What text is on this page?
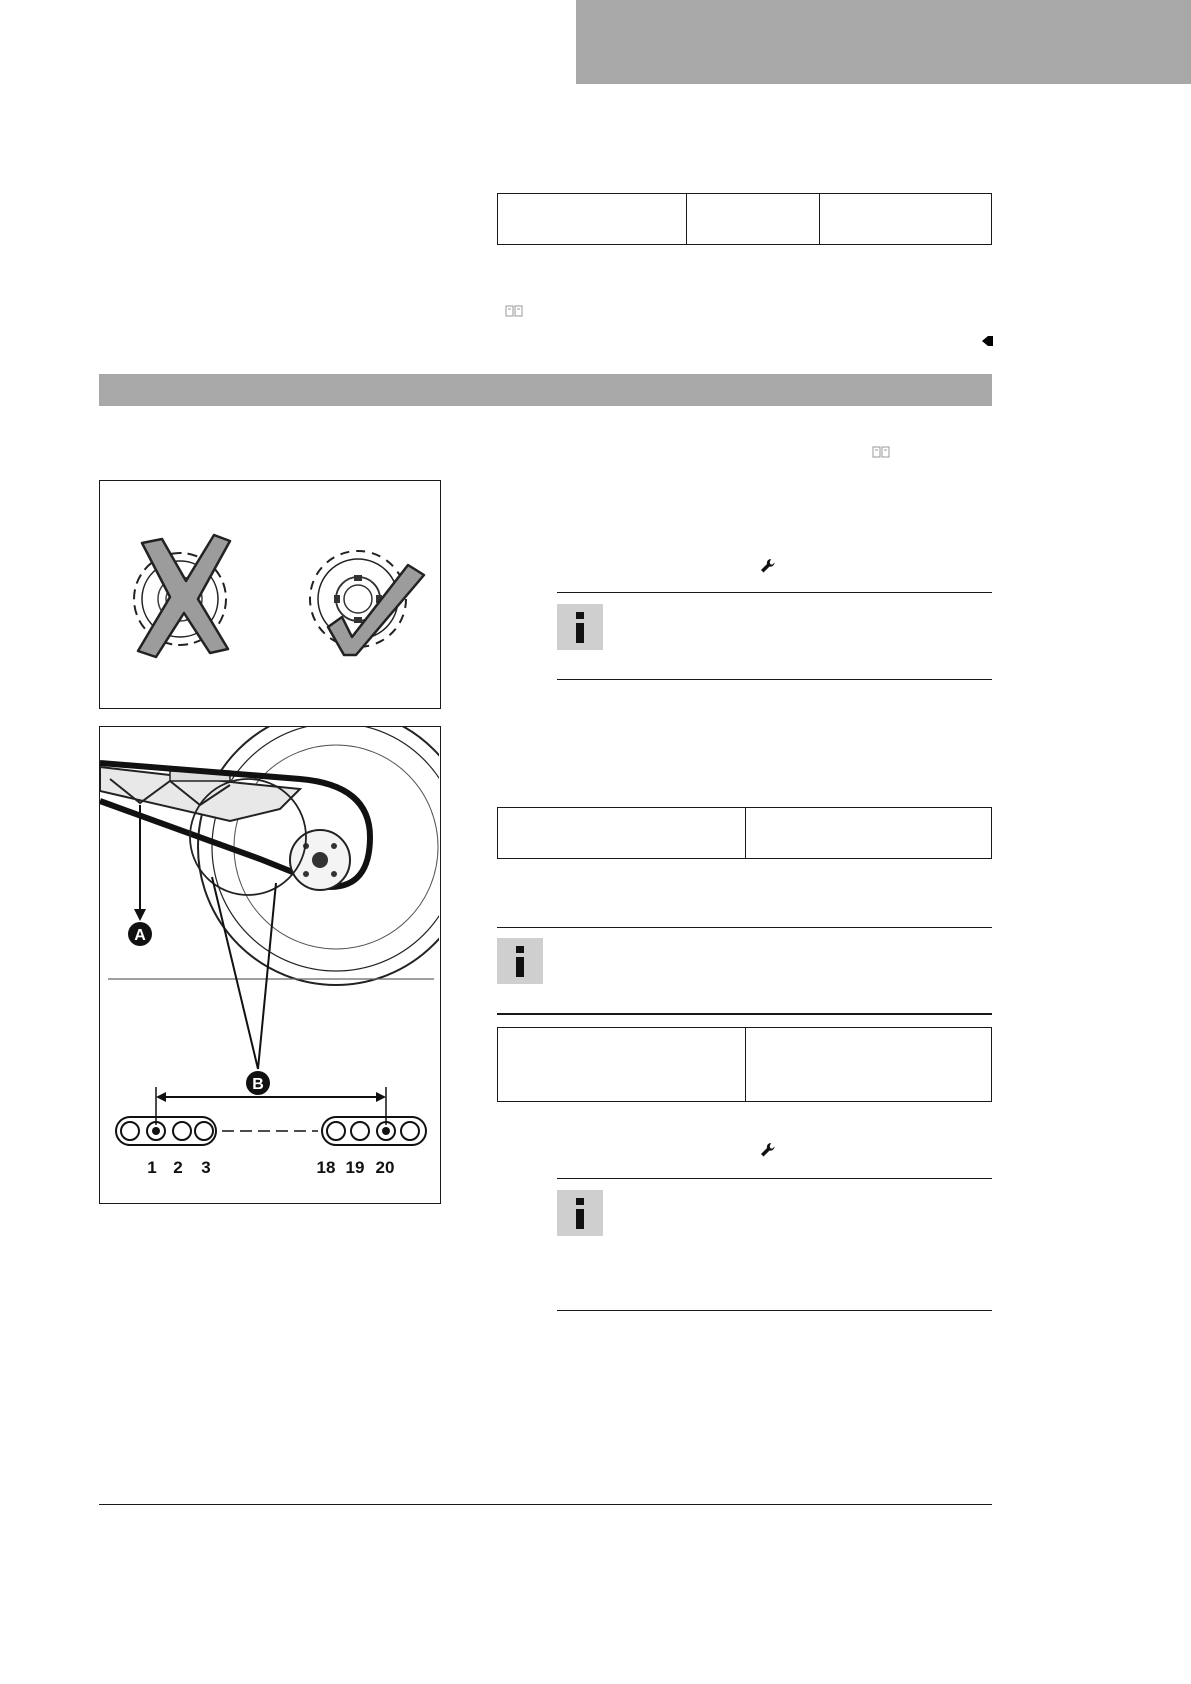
A
B
1 2 3	18 19 20
